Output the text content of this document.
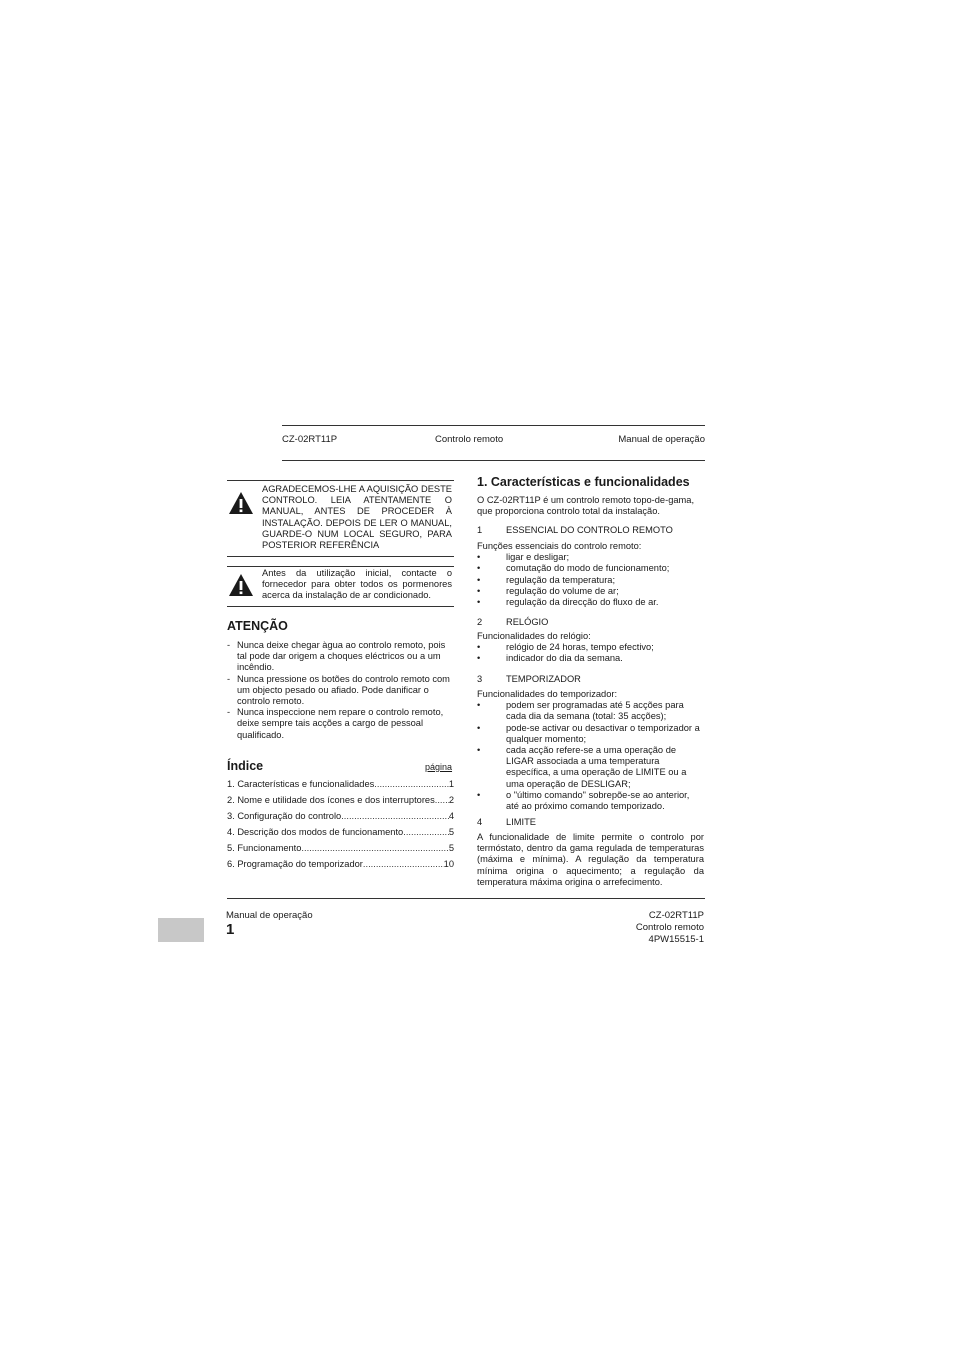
CZ-02RT11P	Controlo remoto	Manual de operação
AGRADECEMOS-LHE A AQUISIÇÃO DESTE CONTROLO. LEIA ATENTAMENTE O MANUAL, ANTES DE PROCEDER À INSTALAÇÃO. DEPOIS DE LER O MANUAL, GUARDE-O NUM LOCAL SEGURO, PARA POSTERIOR REFERÊNCIA
Antes da utilização inicial, contacte o fornecedor para obter todos os pormenores acerca da instalação de ar condicionado.
ATENÇÃO
- Nunca deixe chegar àgua ao controlo remoto, pois tal pode dar origem a choques eléctricos ou a um incêndio.
- Nunca pressione os botões do controlo remoto com um objecto pesado ou afiado. Pode danificar o controlo remoto.
- Nunca inspeccione nem repare o controlo remoto, deixe sempre tais acções a cargo de pessoal qualificado.
Índice	página
1. Características e funcionalidades .....	1
2. Nome e utilidade dos ícones e dos interruptores ..... 2
3. Configuração do controlo .....	4
4. Descrição dos modos de funcionamento .....	5
5. Funcionamento .....	5
6. Programação do temporizador .....	10
1. Características e funcionalidades

O CZ-02RT11P é um controlo remoto topo-de-gama, que proporciona controlo total da instalação.

1	ESSENCIAL DO CONTROLO REMOTO

Funções essenciais do controlo remoto:

•	ligar e desligar;
•	comutação do modo de funcionamento;
•	regulação da temperatura;
•	regulação do volume de ar;
•	regulação da direcção do fluxo de ar.
2	RELÓGIO

Funcionalidades do relógio:

•	relógio de 24 horas, tempo efectivo;
•	indicador do dia da semana.
3	TEMPORIZADOR

Funcionalidades do temporizador:

•	podem ser programadas até 5 acções para cada dia da semana (total: 35 acções);
•	pode-se activar ou desactivar o temporizador a qualquer momento;
•	cada acção refere-se a uma operação de LIGAR associada a uma temperatura específica, a uma operação de LIMITE ou a uma operação de DESLIGAR;
•	o "último comando" sobrepõe-se ao anterior, até ao próximo comando temporizado.
4	LIMITE

A funcionalidade de limite permite o controlo por termóstato, dentro da gama regulada de temperaturas (máxima e mínima). A regulação da temperatura mínima origina o aquecimento; a regulação da temperatura máxima origina o arrefecimento.

Manual de operação
1
CZ-02RT11P
Controlo remoto
4PW15515-1
